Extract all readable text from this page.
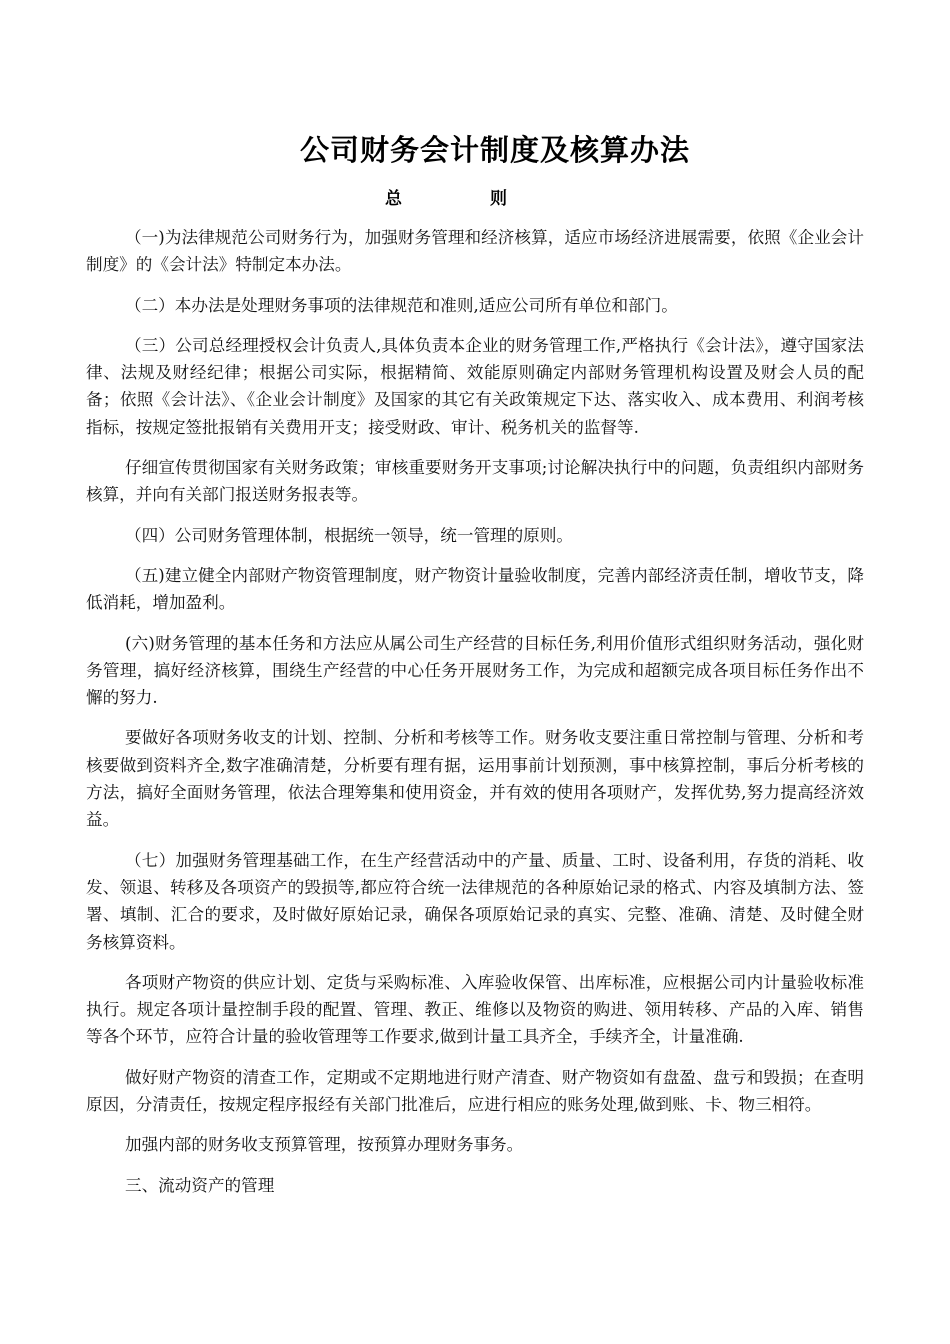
公司财务会计制度及核算办法
总则

（一)为法律规范公司财务行为，加强财务管理和经济核算，适应市场经济进展需要，依照《企业会计制度》的《会计法》特制定本办法。

（二）本办法是处理财务事项的法律规范和准则,适应公司所有单位和部门。

（三）公司总经理授权会计负责人,具体负责本企业的财务管理工作,严格执行《会计法》，遵守国家法律、法规及财经纪律；根据公司实际，根据精简、效能原则确定内部财务管理机构设置及财会人员的配备；依照《会计法》、《企业会计制度》及国家的其它有关政策规定下达、落实收入、成本费用、利润考核指标，按规定签批报销有关费用开支；接受财政、审计、税务机关的监督等.

仔细宣传贯彻国家有关财务政策；审核重要财务开支事项;讨论解决执行中的问题，负责组织内部财务核算，并向有关部门报送财务报表等。

（四）公司财务管理体制，根据统一领导，统一管理的原则。

（五)建立健全内部财产物资管理制度，财产物资计量验收制度，完善内部经济责任制，增收节支，降低消耗，增加盈利。

(六)财务管理的基本任务和方法应从属公司生产经营的目标任务,利用价值形式组织财务活动，强化财务管理，搞好经济核算，围绕生产经营的中心任务开展财务工作，为完成和超额完成各项目标任务作出不懈的努力.

要做好各项财务收支的计划、控制、分析和考核等工作。财务收支要注重日常控制与管理、分析和考核要做到资料齐全,数字准确清楚，分析要有理有据，运用事前计划预测，事中核算控制，事后分析考核的方法，搞好全面财务管理，依法合理筹集和使用资金，并有效的使用各项财产，发挥优势,努力提高经济效益。

（七）加强财务管理基础工作，在生产经营活动中的产量、质量、工时、设备利用，存货的消耗、收发、领退、转移及各项资产的毁损等,都应符合统一法律规范的各种原始记录的格式、内容及填制方法、签署、填制、汇合的要求，及时做好原始记录，确保各项原始记录的真实、完整、准确、清楚、及时健全财务核算资料。

各项财产物资的供应计划、定货与采购标准、入库验收保管、出库标准，应根据公司内计量验收标准执行。规定各项计量控制手段的配置、管理、教正、维修以及物资的购进、领用转移、产品的入库、销售等各个环节，应符合计量的验收管理等工作要求,做到计量工具齐全，手续齐全，计量准确.

做好财产物资的清查工作，定期或不定期地进行财产清查、财产物资如有盘盈、盘亏和毁损；在查明原因，分清责任，按规定程序报经有关部门批准后，应进行相应的账务处理,做到账、卡、物三相符。

加强内部的财务收支预算管理，按预算办理财务事务。

三、流动资产的管理
